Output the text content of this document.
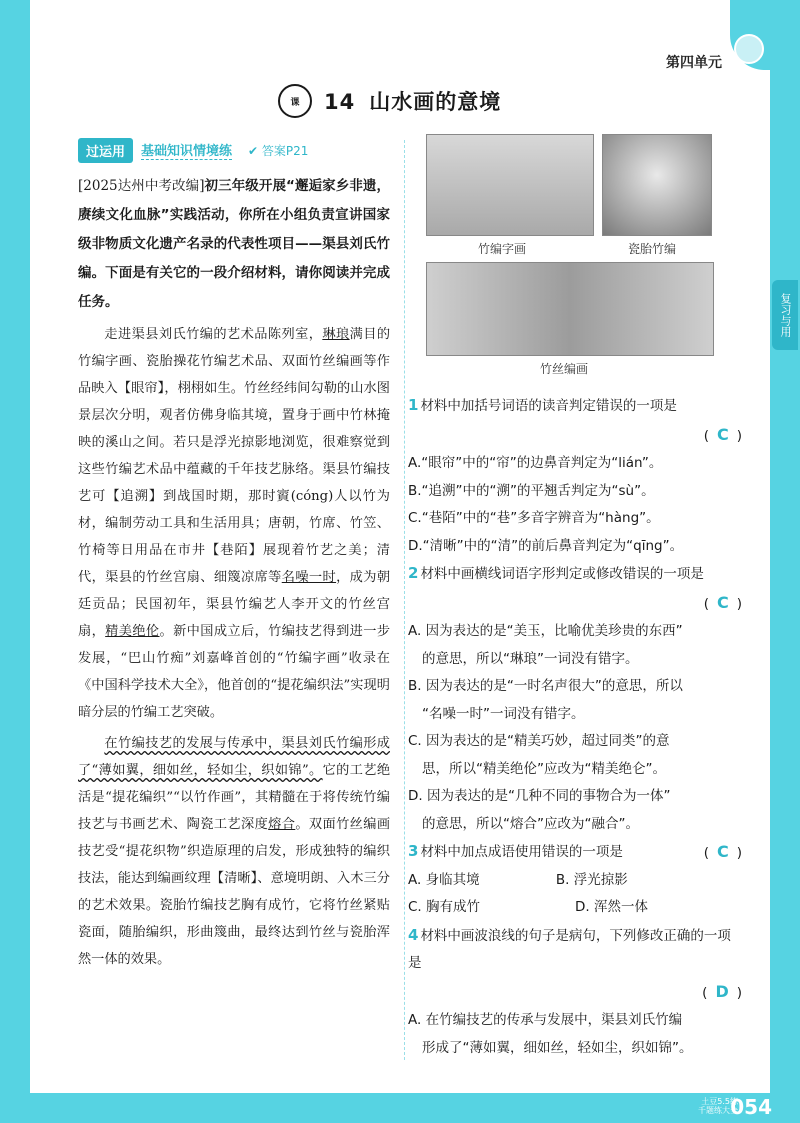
第四单元
复习与用
课	14 山水画的意境
过运用	基础知识情境练 ✔ 答案P21

[2025达州中考改编]初三年级开展“邂逅家乡非遗，赓续文化血脉”实践活动，你所在小组负责宣讲国家级非物质文化遗产名录的代表性项目——渠县刘氏竹编。下面是有关它的一段介绍材料，请你阅读并完成任务。

走进渠县刘氏竹编的艺术品陈列室，琳琅满目的竹编字画、瓷胎操花竹编艺术品、双面竹丝编画等作品映入【眼帘】，栩栩如生。竹丝经纬间勾勒的山水图景层次分明，观者仿佛身临其境，置身于画中竹林掩映的溪山之间。若只是浮光掠影地浏览，很难察觉到这些竹编艺术品中蕴藏的千年技艺脉络。渠县竹编技艺可【追溯】到战国时期，那时賨(cóng)人以竹为材，编制劳动工具和生活用具；唐朝，竹席、竹笠、竹椅等日用品在市井【巷陌】展现着竹艺之美；清代，渠县的竹丝宫扇、细篾凉席等名噪一时，成为朝廷贡品；民国初年，渠县竹编艺人李开文的竹丝宫扇，精美绝伦。新中国成立后，竹编技艺得到进一步发展，“巴山竹痴”刘嘉峰首创的“竹编字画”收录在《中国科学技术大全》，他首创的“提花编织法”实现明暗分层的竹编工艺突破。

在竹编技艺的发展与传承中，渠县刘氏竹编形成了“薄如翼，细如丝，轻如尘，织如锦”。它的工艺绝活是“提花编织”“以竹作画”，其精髓在于将传统竹编技艺与书画艺术、陶瓷工艺深度熔合。双面竹丝编画技艺受“提花织物”织造原理的启发，形成独特的编织技法，能达到编画纹理【清晰】、意境明朗、入木三分的艺术效果。瓷胎竹编技艺胸有成竹，它将竹丝紧贴瓷面，随胎编织，形曲篾曲，最终达到竹丝与瓷胎浑然一体的效果。

竹编字画	瓷胎竹编
竹丝编画
1 材料中加括号词语的读音判定错误的一项是
( C )
A.“眼帘”中的“帘”的边鼻音判定为“lián”。
B.“追溯”中的“溯”的平翘舌判定为“sù”。
C.“巷陌”中的“巷”多音字辨音为“hàng”。
D.“清晰”中的“清”的前后鼻音判定为“qīng”。
2 材料中画横线词语字形判定或修改错误的一项是
( C )
A. 因为表达的是“美玉，比喻优美珍贵的东西”
的意思，所以“琳琅”一词没有错字。
B. 因为表达的是“一时名声很大”的意思，所以
“名噪一时”一词没有错字。
C. 因为表达的是“精美巧妙，超过同类”的意
思，所以“精美绝伦”应改为“精美绝仑”。
D. 因为表达的是“几种不同的事物合为一体”
的意思，所以“熔合”应改为“融合”。
3 材料中加点成语使用错误的一项是	( C )
A. 身临其境	B. 浮光掠影
C. 胸有成竹	D. 浑然一体
4 材料中画波浪线的句子是病句，下列修改正确的一项是
( D )
A. 在竹编技艺的传承与发展中，渠县刘氏竹编
形成了“薄如翼，细如丝，轻如尘，织如锦”。
土豆5.5练
千题练大全
054
